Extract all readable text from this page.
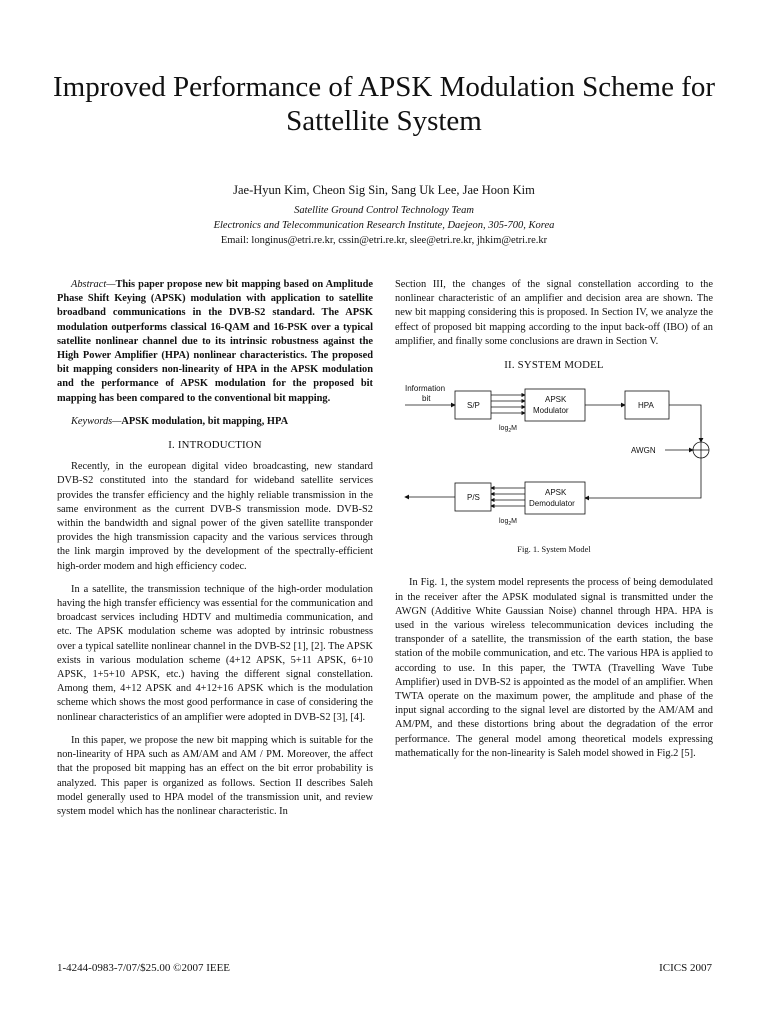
Improved Performance of APSK Modulation Scheme for Sattellite System
Jae-Hyun Kim, Cheon Sig Sin, Sang Uk Lee, Jae Hoon Kim
Satellite Ground Control Technology Team
Electronics and Telecommunication Research Institute, Daejeon, 305-700, Korea
Email: longinus@etri.re.kr, cssin@etri.re.kr, slee@etri.re.kr, jhkim@etri.re.kr

Abstract—This paper propose new bit mapping based on Amplitude Phase Shift Keying (APSK) modulation with application to satellite broadband communications in the DVB-S2 standard. The APSK modulation outperforms classical 16-QAM and 16-PSK over a typical satellite nonlinear channel due to its intrinsic robustness against the High Power Amplifier (HPA) nonlinear characteristics. The proposed bit mapping considers non-linearity of HPA in the APSK modulation and the performance of APSK modulation for the proposed bit mapping has been compared to the conventional bit mapping.

Keywords—APSK modulation, bit mapping, HPA

I. INTRODUCTION

Recently, in the european digital video broadcasting, new standard DVB-S2 constituted into the standard for wideband satellite services provides the transfer efficiency and the highly reliable transmission in the same environment as the current DVB-S transmission mode. DVB-S2 within the bandwidth and signal power of the given satellite transponder provides the high transmission capacity and the various services through the link margin improved by the development of the spectrally-efficient high-order modem and high efficiency codec.

In a satellite, the transmission technique of the high-order modulation having the high transfer efficiency was essential for the communication and broadcast services including HDTV and multimedia communication, and etc. The APSK modulation scheme was adopted by intrinsic robustness over a typical satellite nonlinear channel in the DVB-S2 [1], [2]. The APSK exists in various modulation scheme (4+12 APSK, 5+11 APSK, 6+10 APSK, 1+5+10 APSK, etc.) having the different signal constellation. Among them, 4+12 APSK and 4+12+16 APSK which is the modulation scheme which shows the most good performance in case of considering the nonlinear characteristics of an amplifier were adopted in DVB-S2 [3], [4].

In this paper, we propose the new bit mapping which is suitable for the non-linearity of HPA such as AM/AM and AM / PM. Moreover, the affect that the proposed bit mapping has an effect on the bit error probability is analyzed. This paper is organized as follows. Section II describes Saleh model generally used to HPA model of the transmission unit, and review system model which has the nonlinear characteristic. In

Section III, the changes of the signal constellation according to the nonlinear characteristic of an amplifier and decision area are shown. The new bit mapping considering this is proposed. In Section IV, we analyze the effect of proposed bit mapping according to the input back-off (IBO) of an amplifier, and finally some conclusions are drawn in Section V.

II. SYSTEM MODEL
Information
bit
S/P
$\log_2M$
APSK
Modulator
HPA
AWGN
APSK
Demodulator
$\log_2M$
P/S
Fig. 1. System Model

In Fig. 1, the system model represents the process of being demodulated in the receiver after the APSK modulated signal is transmitted under the AWGN (Additive White Gaussian Noise) channel through HPA. HPA is used in the various wireless telecommunication devices including the transponder of a satellite, the transmission of the earth station, the base station of the mobile communication, and etc. The various HPA is applied to according to use. In this paper, the TWTA (Travelling Wave Tube Amplifier) used in DVB-S2 is appointed as the model of an amplifier. When TWTA operate on the maximum power, the amplitude and phase of the input signal according to the signal level are distorted by the AM/AM and AM/PM, and these distortions bring about the degradation of the error performance. The general model among theoretical models expressing mathematically for the non-linearity is Saleh model showed in Fig.2 [5].

1-4244-0983-7/07/$25.00 ©2007 IEEE	ICICS 2007
